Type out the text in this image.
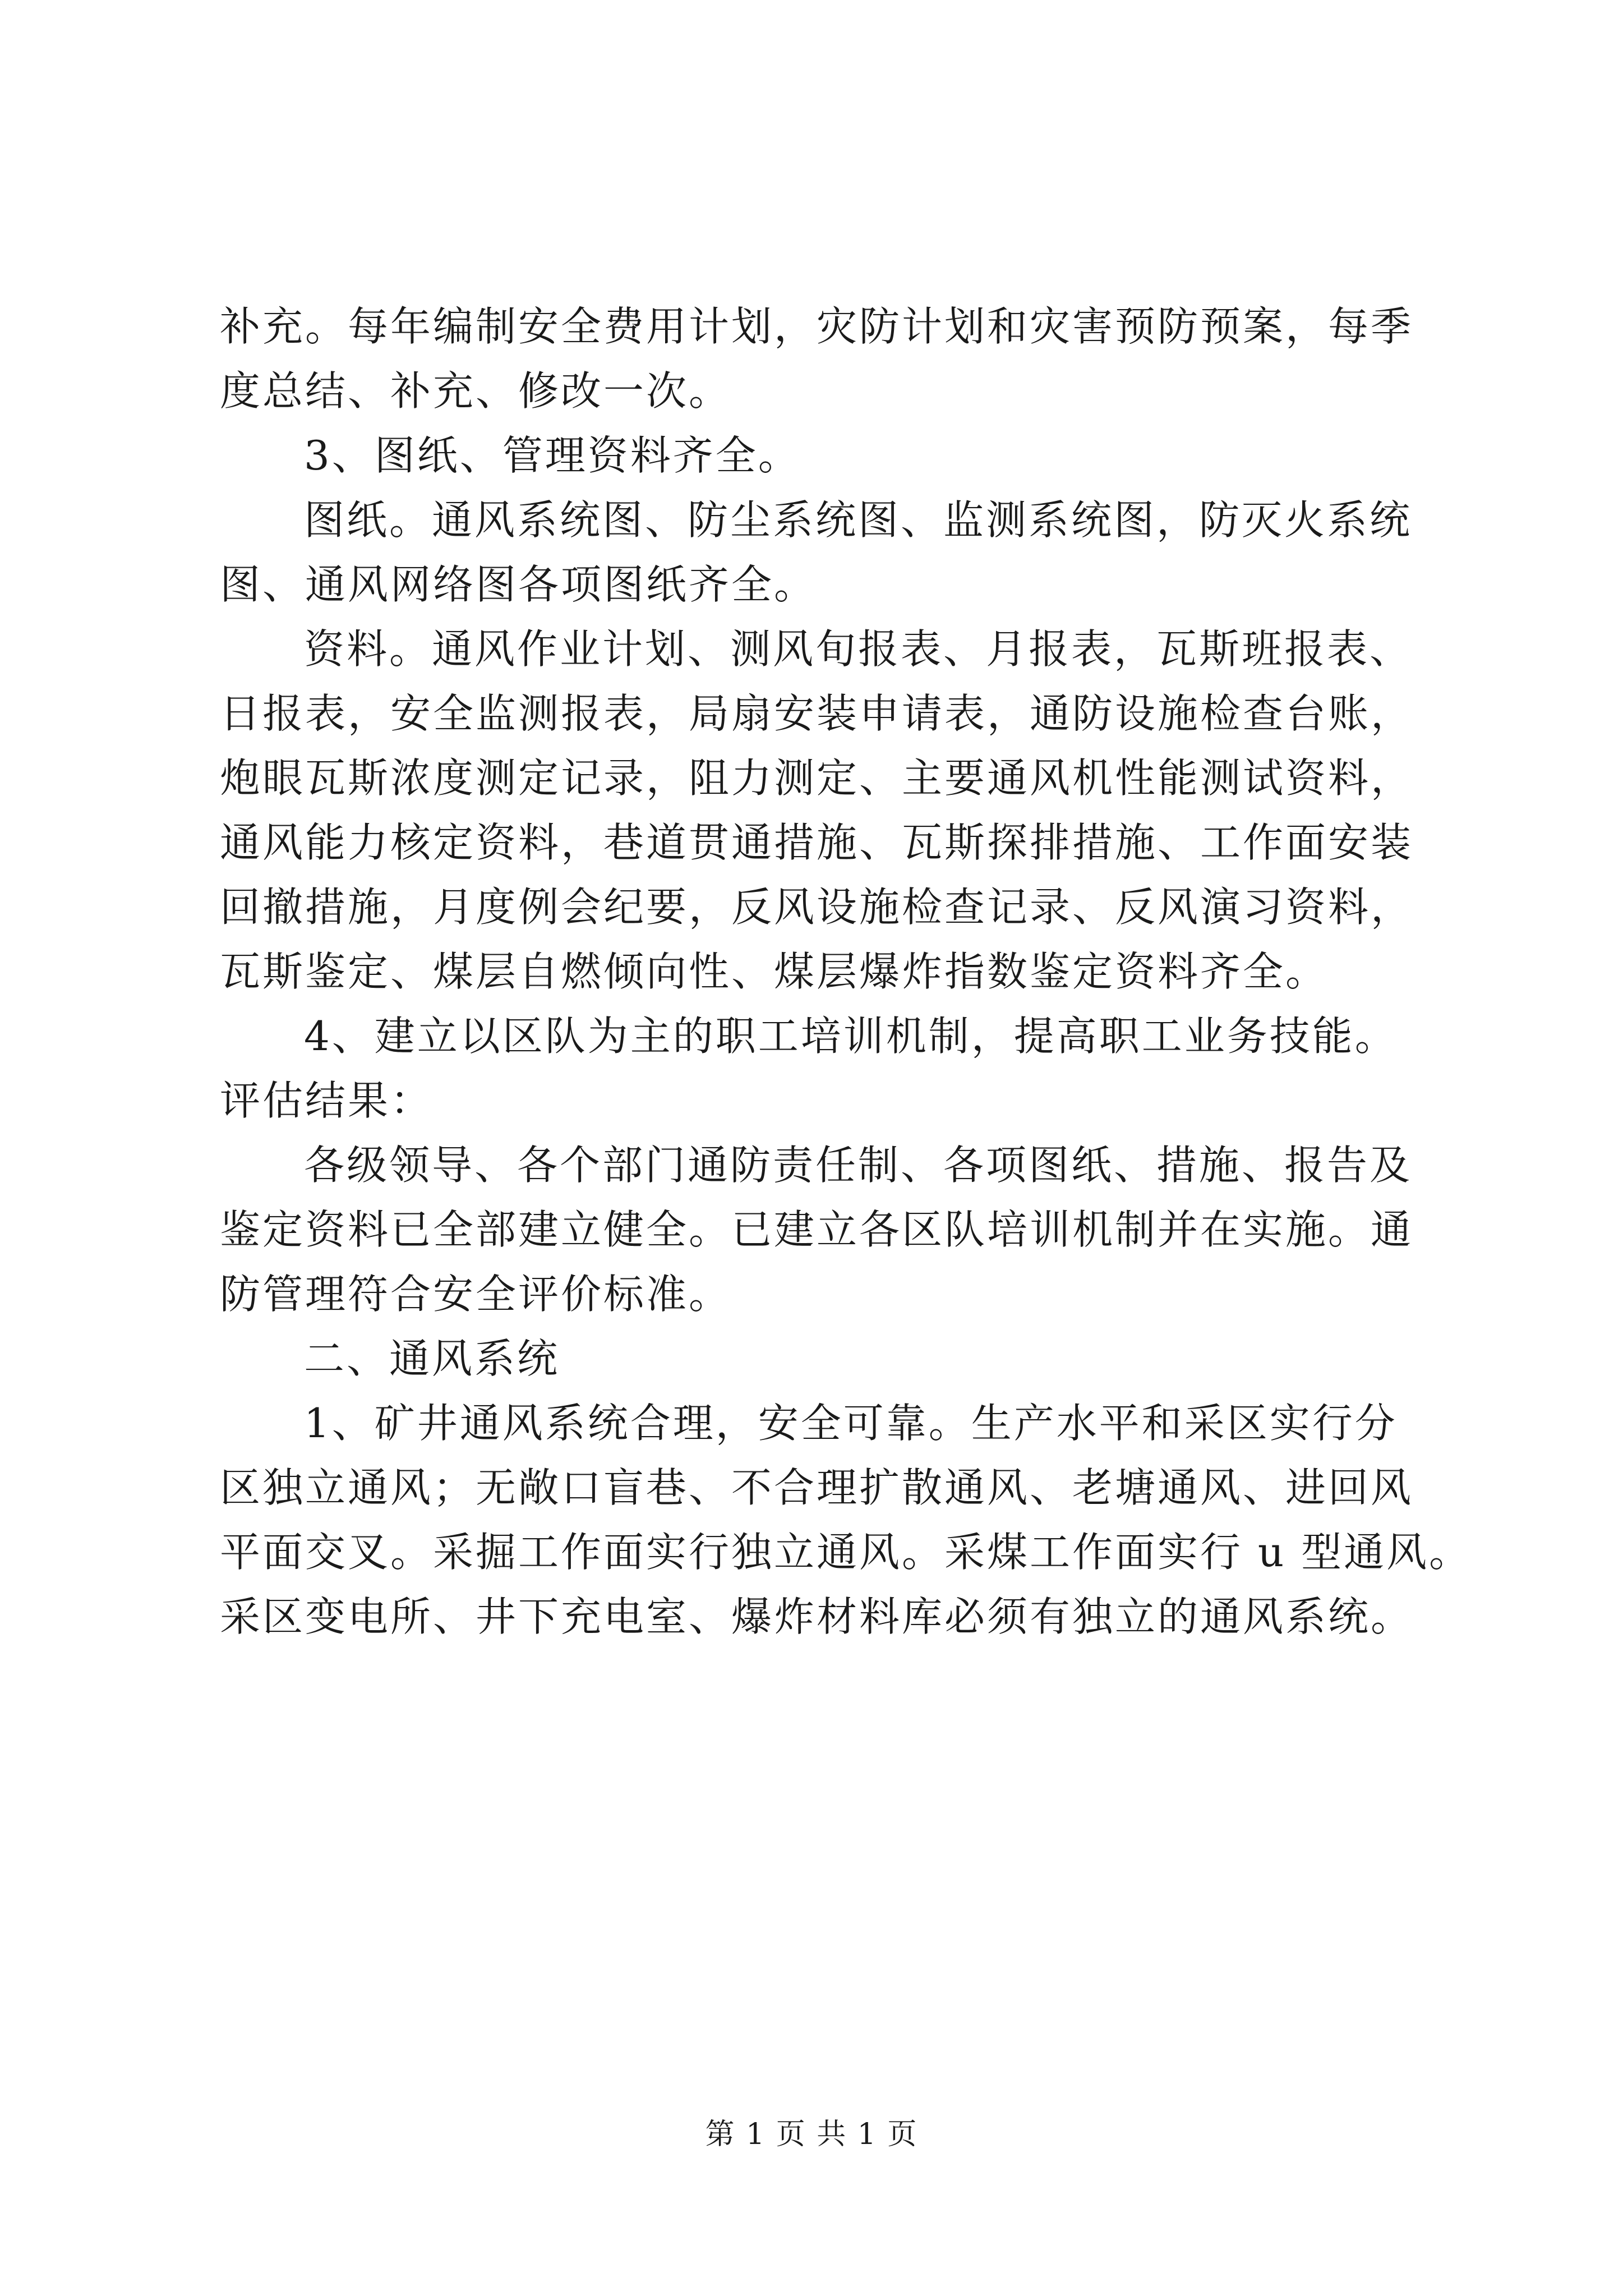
补充。每年编制安全费用计划，灾防计划和灾害预防预案，每季

度总结、补充、修改一次。

3、图纸、管理资料齐全。

图纸。通风系统图、防尘系统图、监测系统图，防灭火系统

图、通风网络图各项图纸齐全。

资料。通风作业计划、测风旬报表、月报表，瓦斯班报表、

日报表，安全监测报表，局扇安装申请表，通防设施检查台账，

炮眼瓦斯浓度测定记录，阻力测定、主要通风机性能测试资料，

通风能力核定资料，巷道贯通措施、瓦斯探排措施、工作面安装

回撤措施，月度例会纪要，反风设施检查记录、反风演习资料，

瓦斯鉴定、煤层自燃倾向性、煤层爆炸指数鉴定资料齐全。

4、建立以区队为主的职工培训机制，提高职工业务技能。

评估结果：

各级领导、各个部门通防责任制、各项图纸、措施、报告及

鉴定资料已全部建立健全。已建立各区队培训机制并在实施。通

防管理符合安全评价标准。

二、通风系统

1、矿井通风系统合理，安全可靠。生产水平和采区实行分

区独立通风；无敞口盲巷、不合理扩散通风、老塘通风、进回风

平面交叉。采掘工作面实行独立通风。采煤工作面实行 u 型通风。

采区变电所、井下充电室、爆炸材料库必须有独立的通风系统。

第 1 页 共 1 页
